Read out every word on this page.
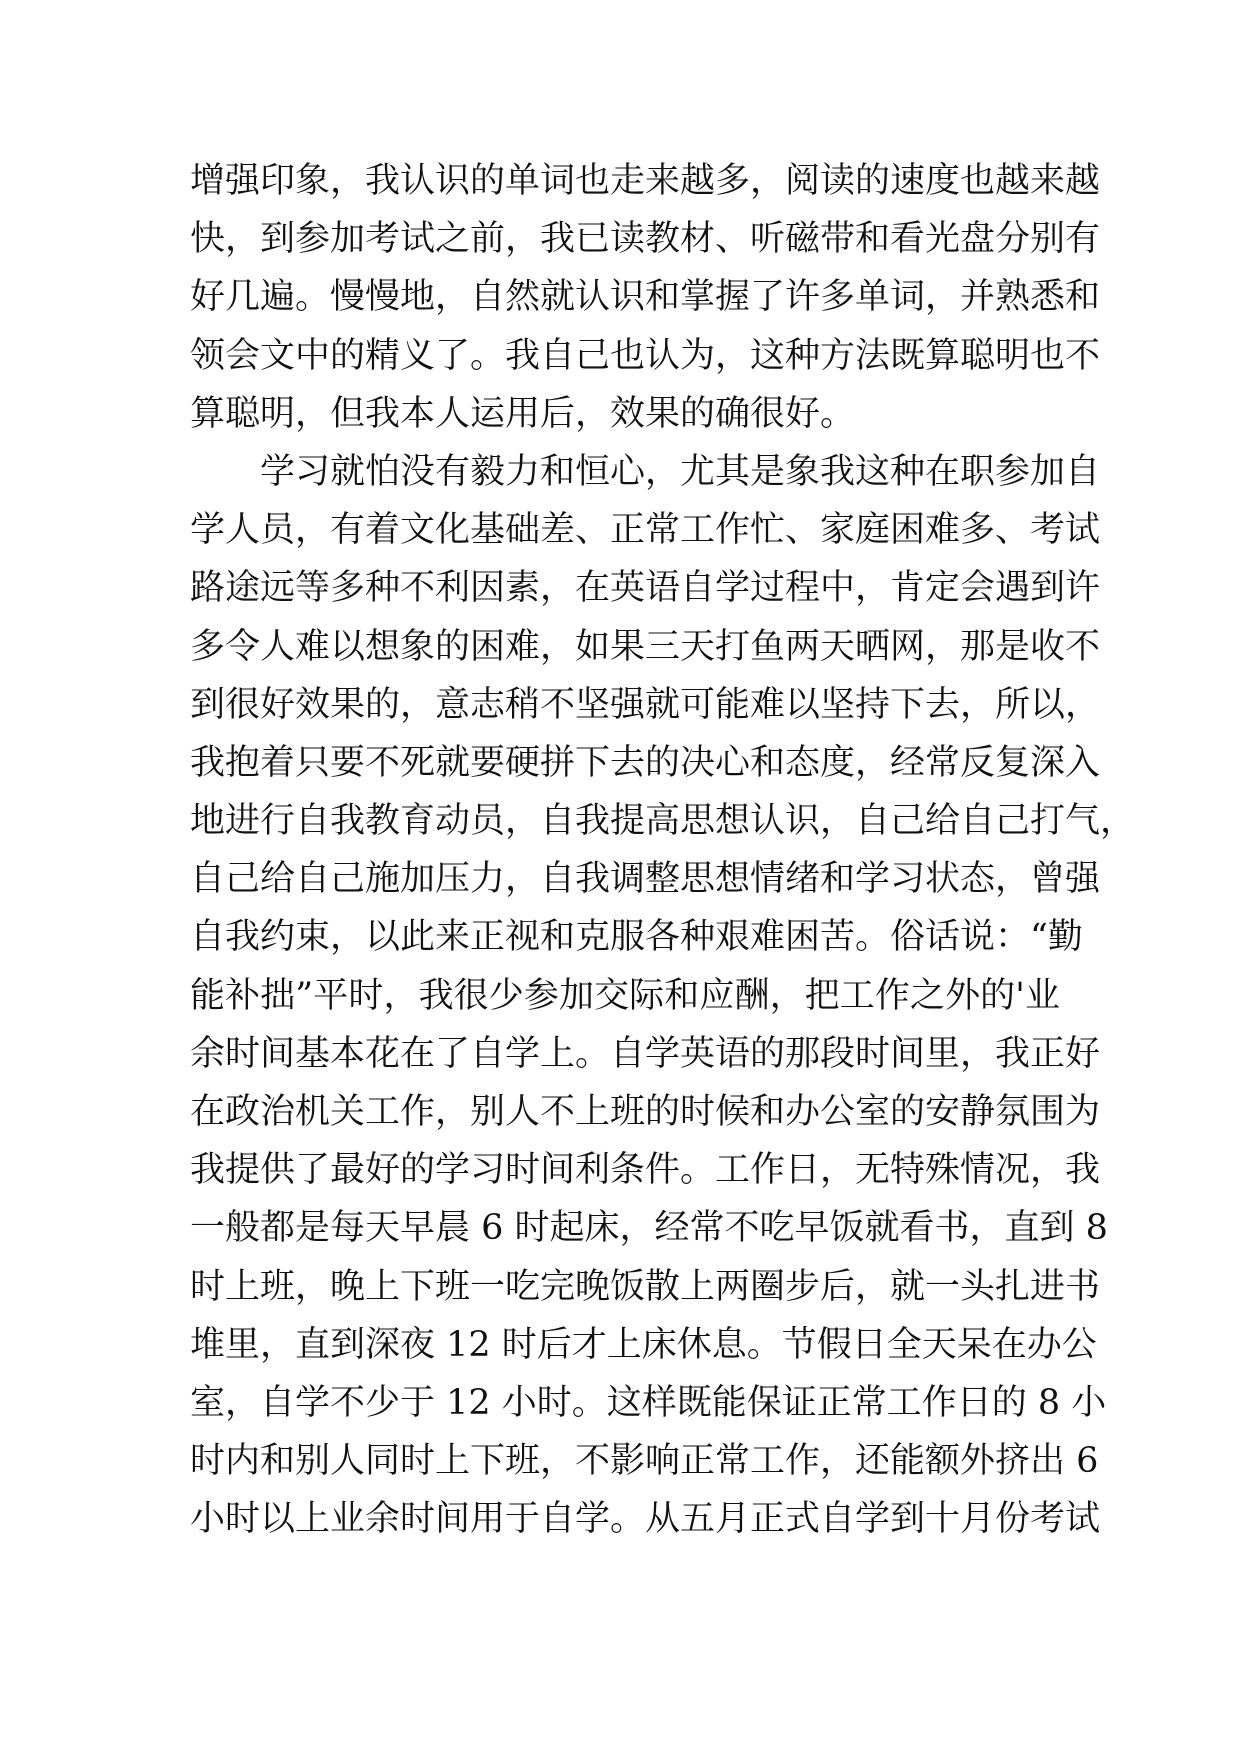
增强印象，我认识的单词也走来越多，阅读的速度也越来越
快，到参加考试之前，我已读教材、听磁带和看光盘分别有
好几遍。慢慢地，自然就认识和掌握了许多单词，并熟悉和
领会文中的精义了。我自己也认为，这种方法既算聪明也不
算聪明，但我本人运用后，效果的确很好。
学习就怕没有毅力和恒心，尤其是象我这种在职参加自
学人员，有着文化基础差、正常工作忙、家庭困难多、考试
路途远等多种不利因素，在英语自学过程中，肯定会遇到许
多令人难以想象的困难，如果三天打鱼两天晒网，那是收不
到很好效果的，意志稍不坚强就可能难以坚持下去，所以，
我抱着只要不死就要硬拼下去的决心和态度，经常反复深入
地进行自我教育动员，自我提高思想认识，自己给自己打气，
自己给自己施加压力，自我调整思想情绪和学习状态，曾强
自我约束，以此来正视和克服各种艰难困苦。俗话说：“勤
能补拙”平时，我很少参加交际和应酬，把工作之外的'业
余时间基本花在了自学上。自学英语的那段时间里，我正好
在政治机关工作，别人不上班的时候和办公室的安静氛围为
我提供了最好的学习时间利条件。工作日，无特殊情况，我
一般都是每天早晨 6 时起床，经常不吃早饭就看书，直到 8
时上班，晚上下班一吃完晚饭散上两圈步后，就一头扎进书
堆里，直到深夜 12 时后才上床休息。节假日全天呆在办公
室，自学不少于 12 小时。这样既能保证正常工作日的 8 小
时内和别人同时上下班，不影响正常工作，还能额外挤出 6
小时以上业余时间用于自学。从五月正式自学到十月份考试
